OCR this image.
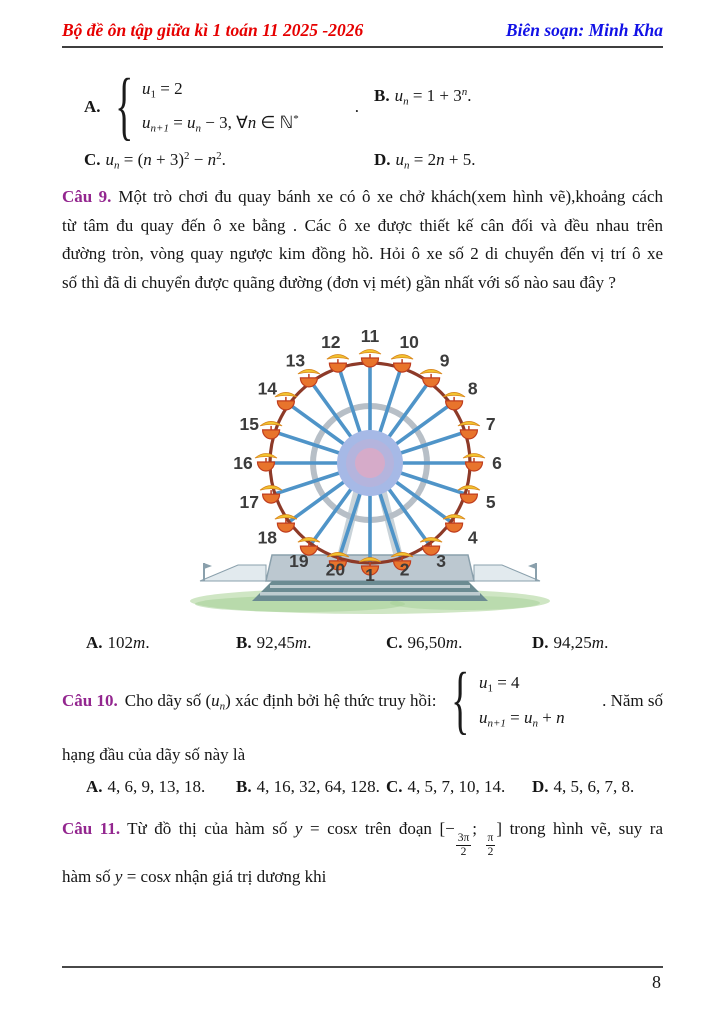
Bộ đề ôn tập giữa kì 1 toán 11 2025 -2026	Biên soạn: Minh Kha
A. { $u_1 = 2$
$u_{n+1} = u_n - 3$, ∀n ∈ ℕ*
.
B. $u_n = 1 + 3^n$.
C. $u_n = (n + 3)^2 - n^2$.	D. $u_n = 2n + 5$.
Câu 9. Một trò chơi đu quay bánh xe có ô xe chở khách(xem hình vẽ),khoảng cách
từ tâm đu quay đến ô xe bằng . Các ô xe được thiết kế cân đối và đều nhau trên
đường tròn, vòng quay ngược kim đồng hồ. Hỏi ô xe số 2 di chuyển đến vị trí ô xe
số thì đã di chuyển được quãng đường (đơn vị mét) gần nhất với số nào sau đây ?
1 2 3
4
5
6
7
8
9
10
11
12
13
14
15
16
17
18
19 20
A. 102m.	B. 92,45m.	C. 96,50m.	D. 94,25m.
Câu 10. Cho dãy số $(u_n)$ xác định bởi hệ thức truy hồi: { $u_1 = 4$
$u_{n+1} = u_n + n$
. Năm số
hạng đầu của dãy số này là
A. 4, 6, 9, 13, 18.	B. 4, 16, 32, 64, 128. C. 4, 5, 7, 10, 14.	D. 4, 5, 6, 7, 8.
Câu 11. Từ đồ thị của hàm số y = cosx trên đoạn [−
$\frac{3\pi}{2}$
;
$\frac{\pi}{2}$
] trong hình vẽ, suy ra
hàm số y = cosx nhận giá trị dương khi
8
